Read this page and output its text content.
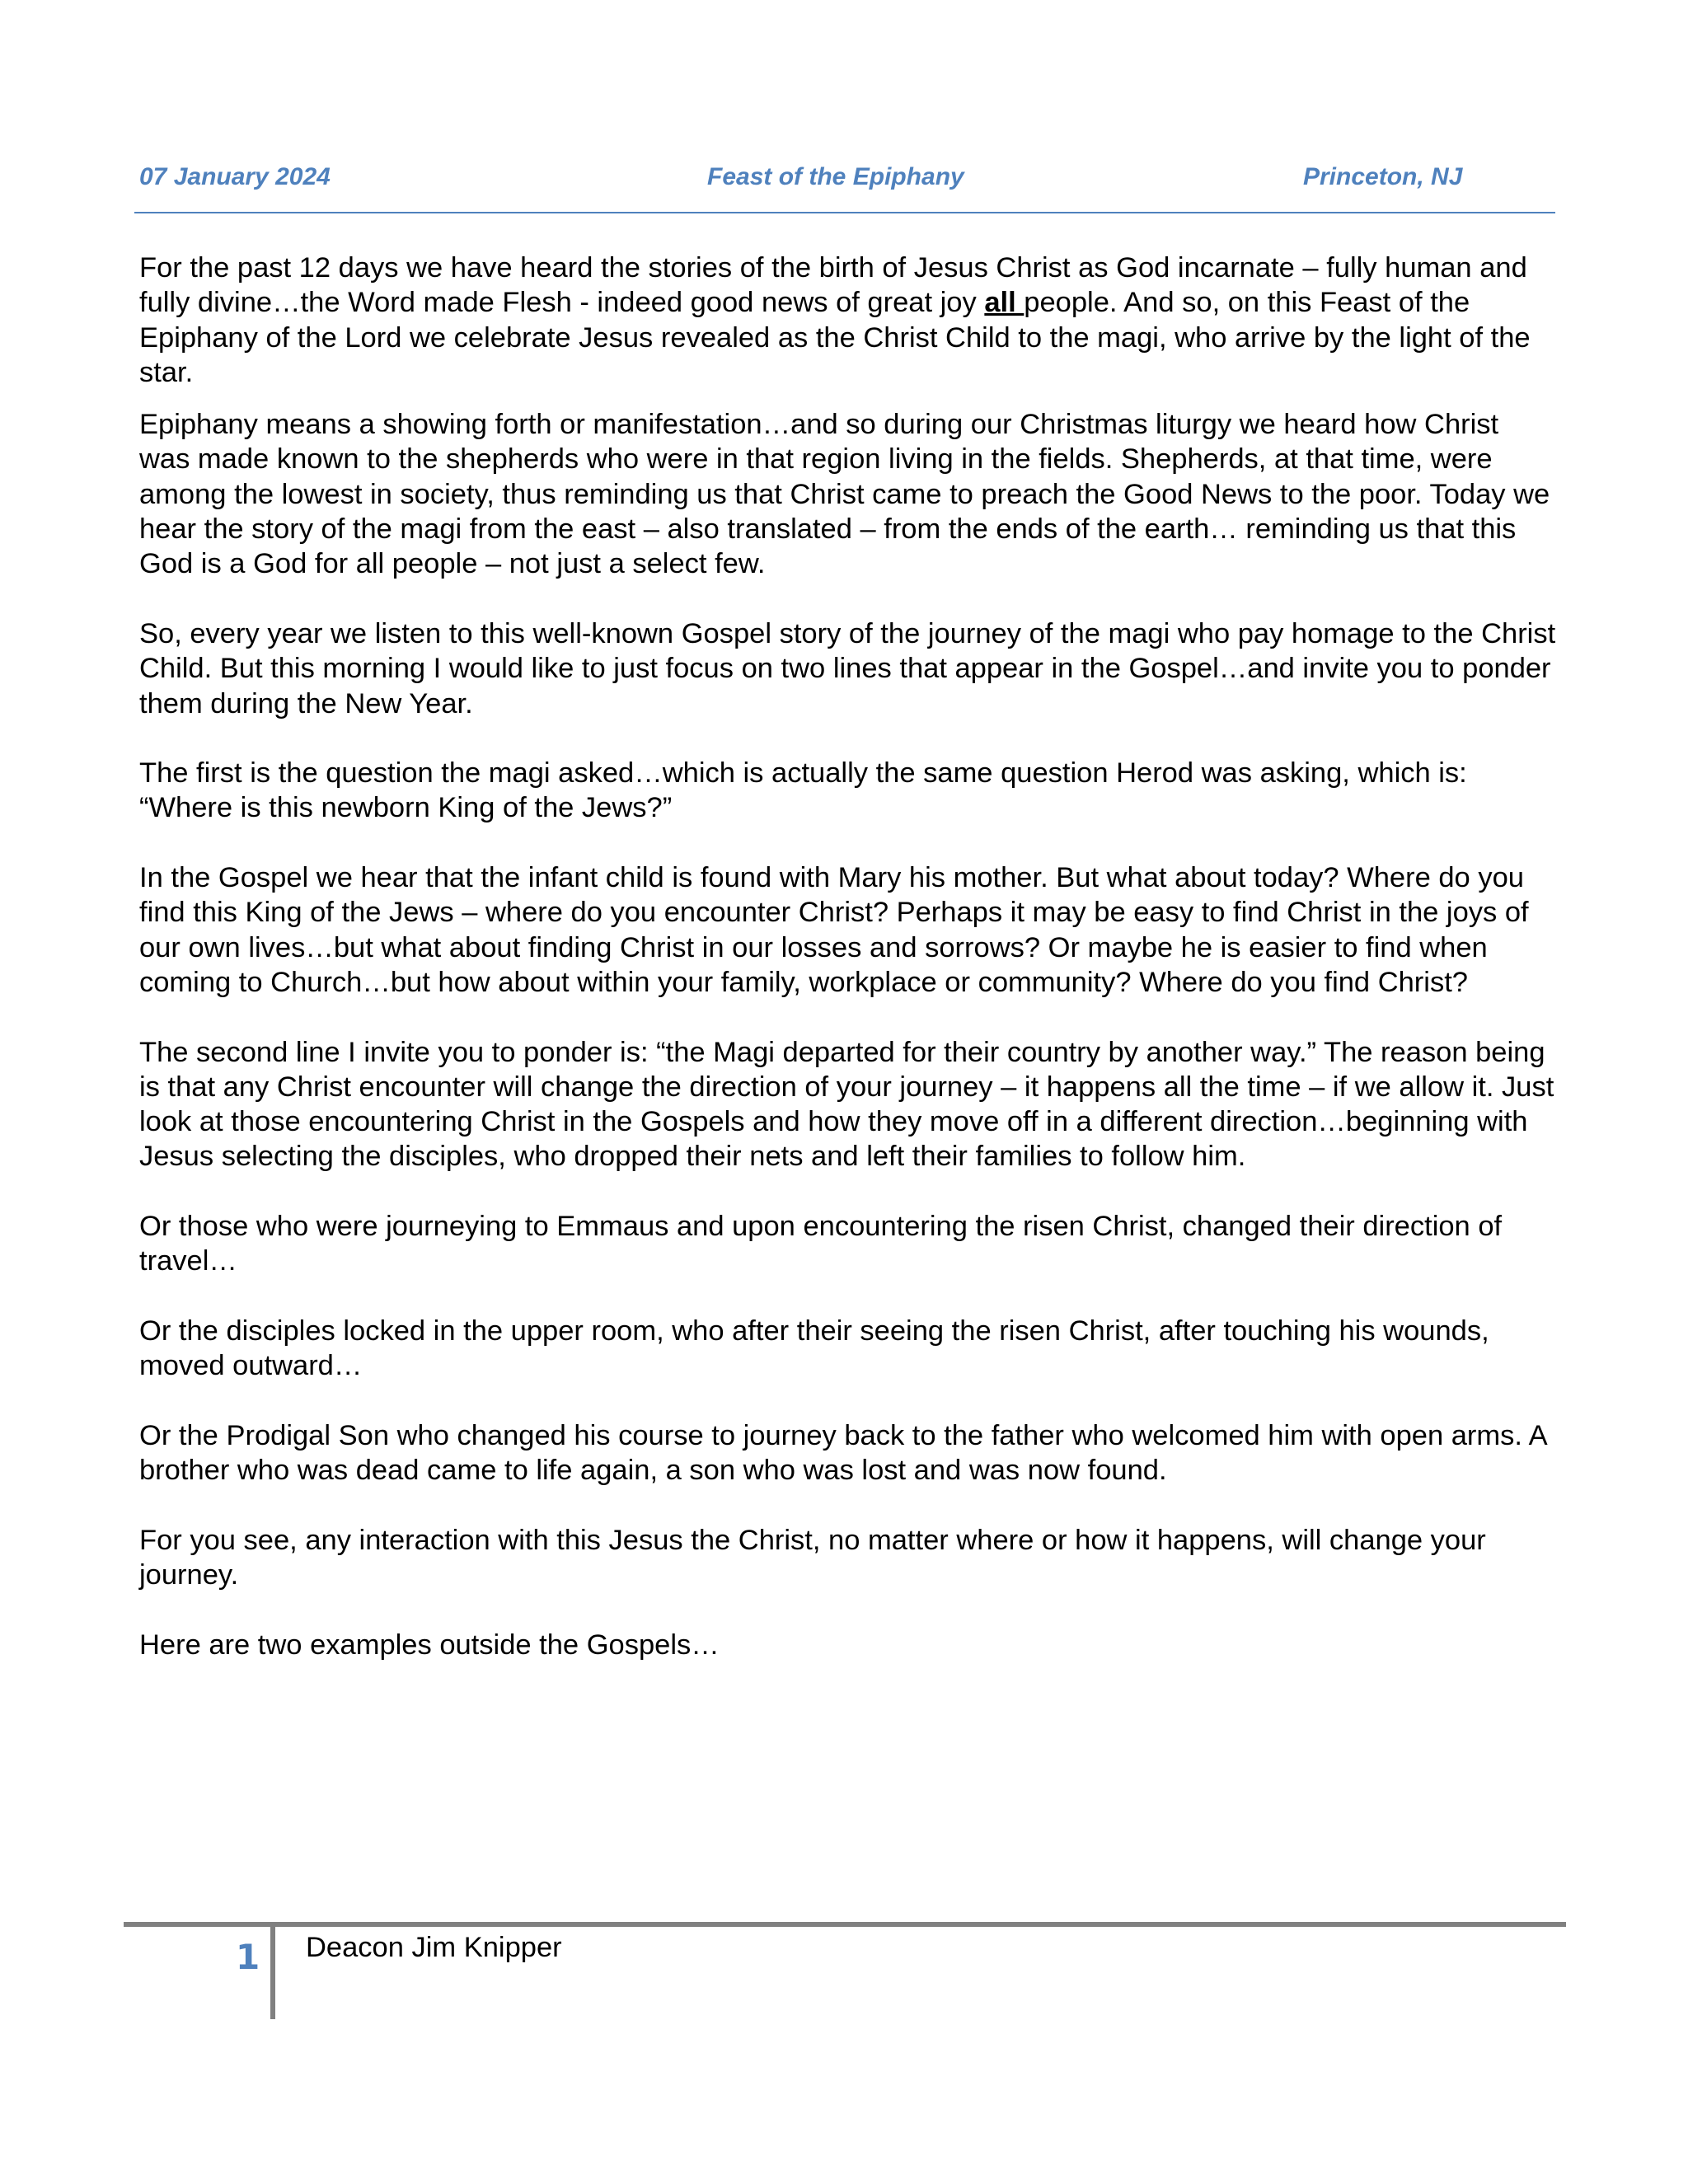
07 January 2024	Feast of the Epiphany	Princeton, NJ

For the past 12 days we have heard the stories of the birth of Jesus Christ as God incarnate – fully human and fully divine…the Word made Flesh - indeed good news of great joy all people. And so, on this Feast of the Epiphany of the Lord we celebrate Jesus revealed as the Christ Child to the magi, who arrive by the light of the star.

Epiphany means a showing forth or manifestation…and so during our Christmas liturgy we heard how Christ was made known to the shepherds who were in that region living in the fields. Shepherds, at that time, were among the lowest in society, thus reminding us that Christ came to preach the Good News to the poor. Today we hear the story of the magi from the east – also translated – from the ends of the earth… reminding us that this God is a God for all people – not just a select few.

So, every year we listen to this well-known Gospel story of the journey of the magi who pay homage to the Christ Child. But this morning I would like to just focus on two lines that appear in the Gospel…and invite you to ponder them during the New Year.

The first is the question the magi asked…which is actually the same question Herod was asking, which is: “Where is this newborn King of the Jews?”

In the Gospel we hear that the infant child is found with Mary his mother. But what about today? Where do you find this King of the Jews – where do you encounter Christ? Perhaps it may be easy to find Christ in the joys of our own lives…but what about finding Christ in our losses and sorrows? Or maybe he is easier to find when coming to Church…but how about within your family, workplace or community? Where do you find Christ?

The second line I invite you to ponder is: “the Magi departed for their country by another way.” The reason being is that any Christ encounter will change the direction of your journey – it happens all the time – if we allow it. Just look at those encountering Christ in the Gospels and how they move off in a different direction…beginning with Jesus selecting the disciples, who dropped their nets and left their families to follow him.

Or those who were journeying to Emmaus and upon encountering the risen Christ, changed their direction of travel…

Or the disciples locked in the upper room, who after their seeing the risen Christ, after touching his wounds, moved outward…

Or the Prodigal Son who changed his course to journey back to the father who welcomed him with open arms. A brother who was dead came to life again, a son who was lost and was now found.

For you see, any interaction with this Jesus the Christ, no matter where or how it happens, will change your journey.

Here are two examples outside the Gospels…

1 Deacon Jim Knipper
